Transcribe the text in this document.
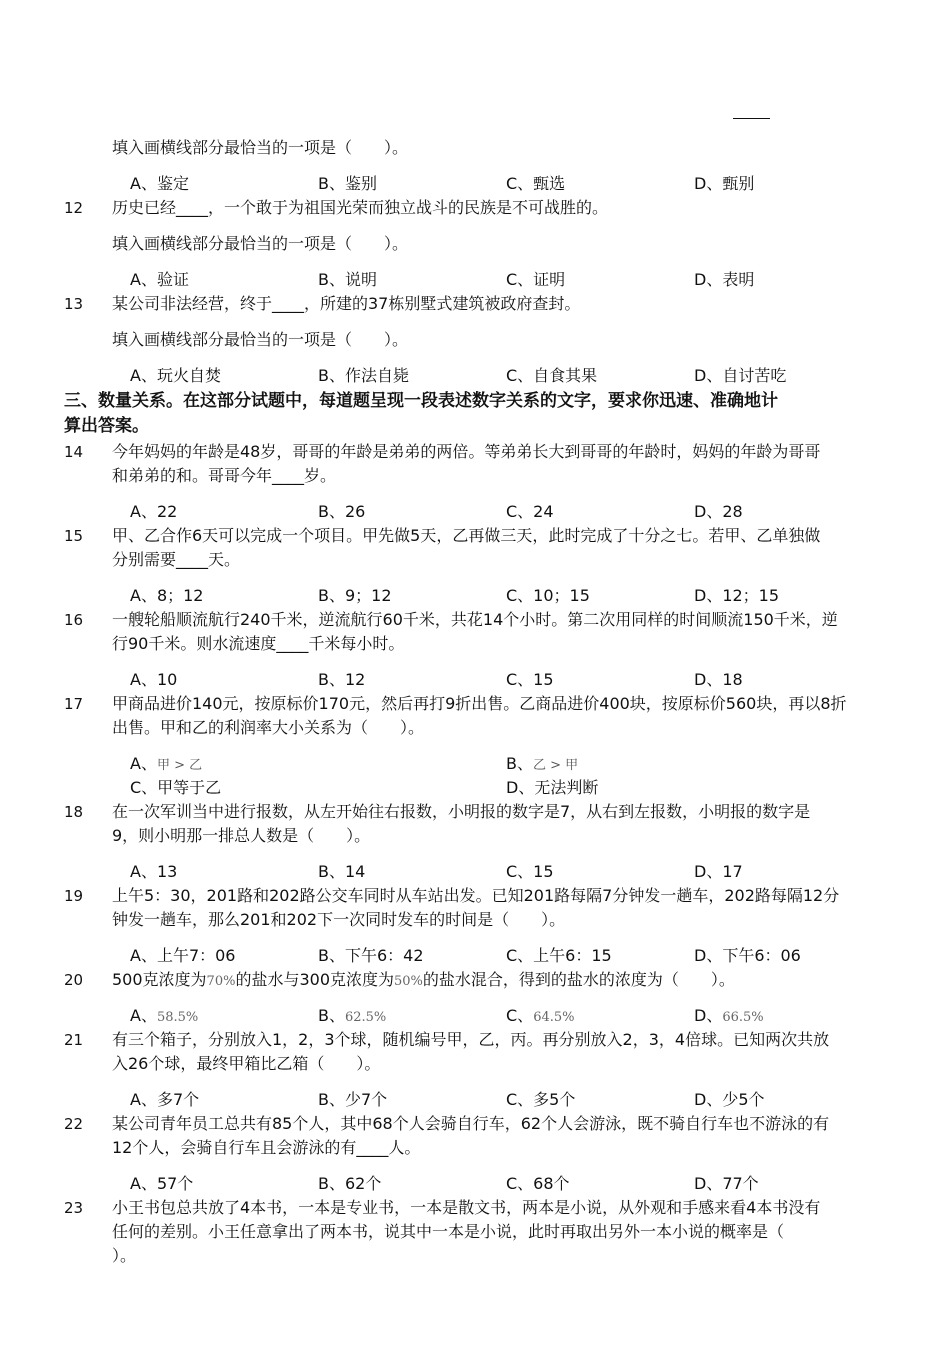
填入画横线部分最恰当的一项是（　　）。
A、鉴定	B、鉴别	C、甄选	D、甄别
12 历史已经____，一个敢于为祖国光荣而独立战斗的民族是不可战胜的。
填入画横线部分最恰当的一项是（　　）。
A、验证	B、说明	C、证明	D、表明
13 某公司非法经营，终于____，所建的37栋别墅式建筑被政府查封。
填入画横线部分最恰当的一项是（　　）。
A、玩火自焚	B、作法自毙	C、自食其果	D、自讨苦吃
三、数量关系。在这部分试题中，每道题呈现一段表述数字关系的文字，要求你迅速、准确地计
算出答案。
14 今年妈妈的年龄是48岁，哥哥的年龄是弟弟的两倍。等弟弟长大到哥哥的年龄时，妈妈的年龄为哥哥
和弟弟的和。哥哥今年____岁。
A、22	B、26	C、24	D、28
15 甲、乙合作6天可以完成一个项目。甲先做5天，乙再做三天，此时完成了十分之七。若甲、乙单独做
分别需要____天。
A、8；12	B、9；12	C、10；15	D、12；15
16 一艘轮船顺流航行240千米，逆流航行60千米，共花14个小时。第二次用同样的时间顺流150千米，逆
行90千米。则水流速度____千米每小时。
A、10	B、12	C、15	D、18
17 甲商品进价140元，按原标价170元，然后再打9折出售。乙商品进价400块，按原标价560块，再以8折
出售。甲和乙的利润率大小关系为（　　）。
A、甲 > 乙	B、乙 > 甲
C、甲等于乙	D、无法判断
18 在一次军训当中进行报数，从左开始往右报数，小明报的数字是7，从右到左报数，小明报的数字是
9，则小明那一排总人数是（　　）。
A、13	B、14	C、15	D、17
19 上午5：30，201路和202路公交车同时从车站出发。已知201路每隔7分钟发一趟车，202路每隔12分
钟发一趟车，那么201和202下一次同时发车的时间是（　　）。
A、上午7：06	B、下午6：42	C、上午6：15	D、下午6：06
20 500克浓度为70%的盐水与300克浓度为50%的盐水混合，得到的盐水的浓度为（　　）。
A、58.5%	B、62.5%	C、64.5%	D、66.5%
21 有三个箱子，分别放入1，2，3个球，随机编号甲，乙，丙。再分别放入2，3，4倍球。已知两次共放
入26个球，最终甲箱比乙箱（　　）。
A、多7个	B、少7个	C、多5个	D、少5个
22 某公司青年员工总共有85个人，其中68个人会骑自行车，62个人会游泳，既不骑自行车也不游泳的有
12个人，会骑自行车且会游泳的有____人。
A、57个	B、62个	C、68个	D、77个
23 小王书包总共放了4本书，一本是专业书，一本是散文书，两本是小说，从外观和手感来看4本书没有
任何的差别。小王任意拿出了两本书，说其中一本是小说，此时再取出另外一本小说的概率是（
）。
